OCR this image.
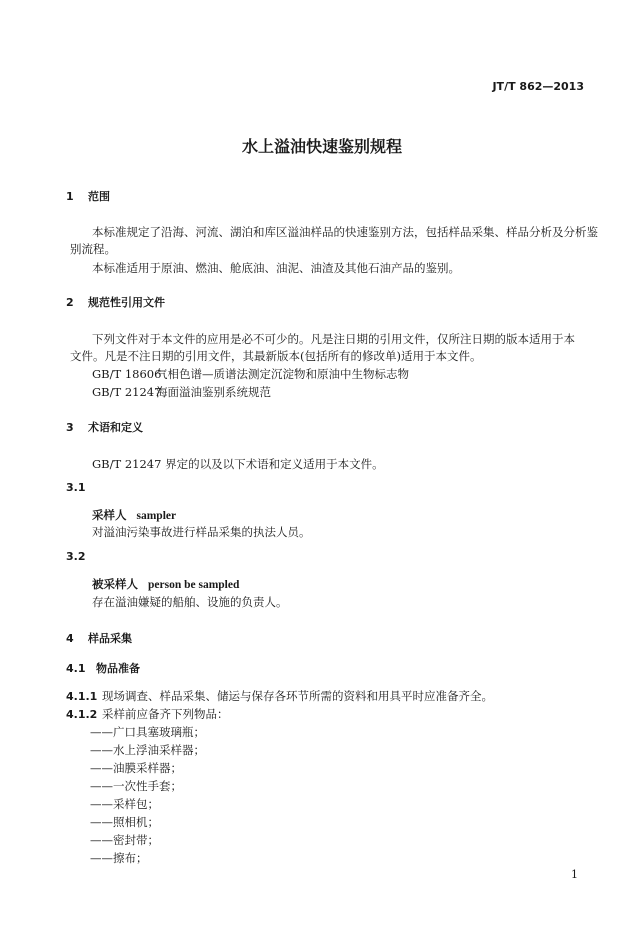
JT/T 862—2013
水上溢油快速鉴别规程
1 范围
本标准规定了沿海、河流、湖泊和库区溢油样品的快速鉴别方法，包括样品采集、样品分析及分析鉴
别流程。
本标准适用于原油、燃油、舱底油、油泥、油渣及其他石油产品的鉴别。
2 规范性引用文件
下列文件对于本文件的应用是必不可少的。凡是注日期的引用文件，仅所注日期的版本适用于本
文件。凡是不注日期的引用文件，其最新版本(包括所有的修改单)适用于本文件。
GB/T 18606气相色谱—质谱法测定沉淀物和原油中生物标志物
GB/T 21247海面溢油鉴别系统规范
3 术语和定义
GB/T 21247 界定的以及以下术语和定义适用于本文件。
3.1
采样人 sampler
对溢油污染事故进行样品采集的执法人员。
3.2
被采样人 person be sampled
存在溢油嫌疑的船舶、设施的负责人。
4 样品采集
4.1 物品准备
4.1.1 现场调查、样品采集、储运与保存各环节所需的资料和用具平时应准备齐全。
4.1.2 采样前应备齐下列物品：
——广口具塞玻璃瓶；
——水上浮油采样器；
——油膜采样器；
——一次性手套；
——采样包；
——照相机；
——密封带；
——擦布；
1
